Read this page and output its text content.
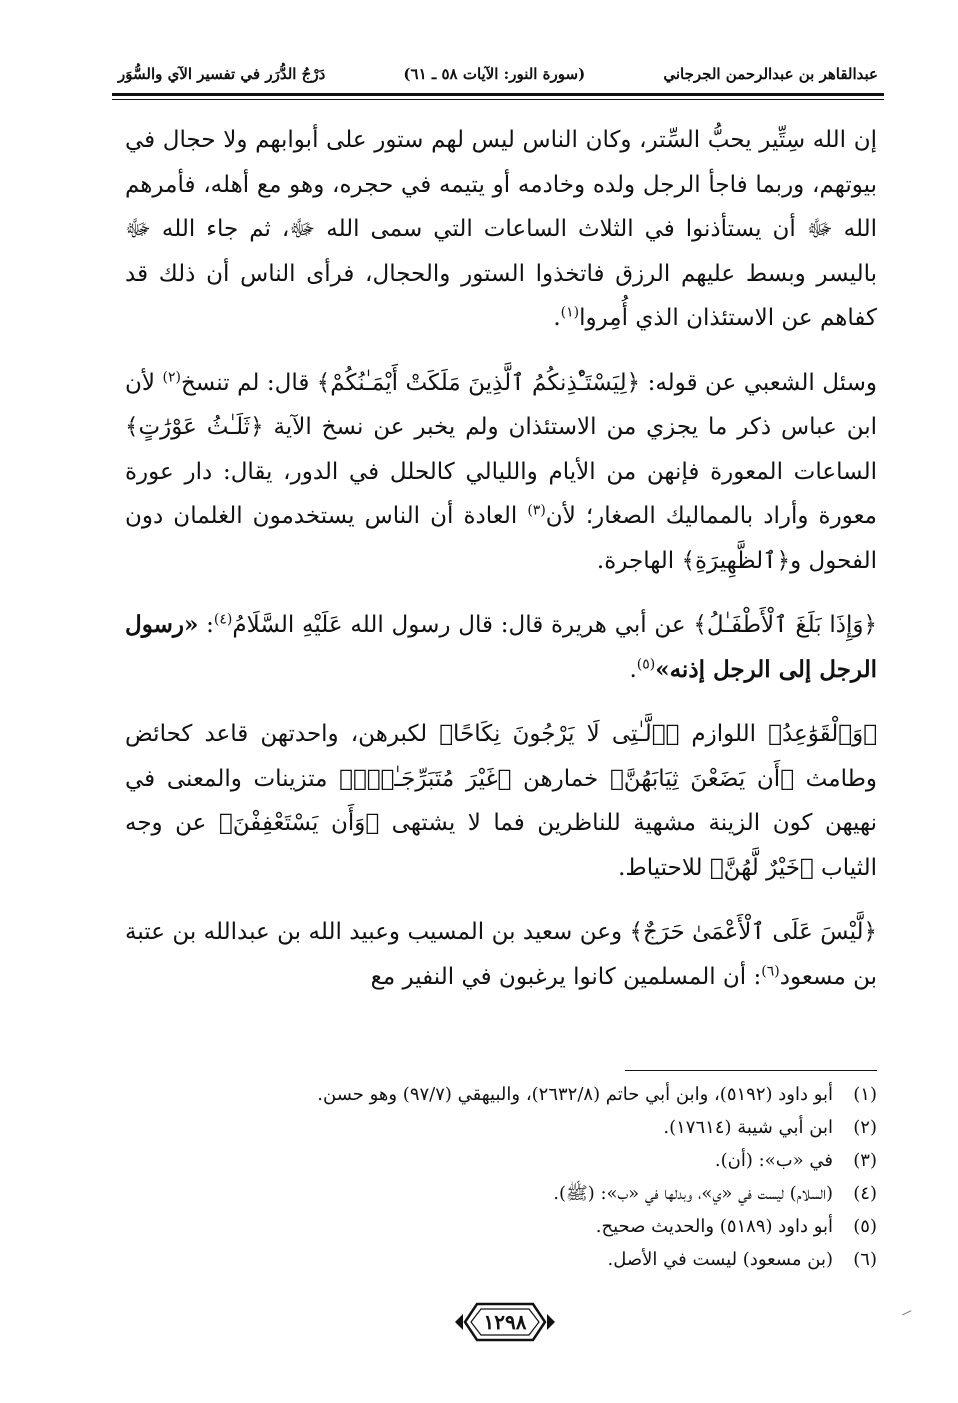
عبدالقاهر بن عبدالرحمن الجرجاني
(سورة النور: الآيات ٥٨ ـ ٦١)
دَرْجُ الدُّرَر في تفسير الآي والسُّوَر

إن الله سِتِّير يحبُّ السِّتر، وكان الناس ليس لهم ستور على أبوابهم ولا حجال في بيوتهم، وربما فاجأ الرجل ولده وخادمه أو يتيمه في حجره، وهو مع أهله، فأمرهم الله ﷻ أن يستأذنوا في الثلاث الساعات التي سمى الله ﷻ، ثم جاء الله ﷻ باليسر وبسط عليهم الرزق فاتخذوا الستور والحجال، فرأى الناس أن ذلك قد كفاهم عن الاستئذان الذي أُمِروا$^{(١)}$.

وسئل الشعبي عن قوله: ﴿لِيَسْتَـْٔذِنكُمُ ٱلَّذِينَ مَلَكَتْ أَيْمَـٰنُكُمْ﴾ قال: لم تنسخ$^{(٢)}$ لأن ابن عباس ذكر ما يجزي من الاستئذان ولم يخبر عن نسخ الآية ﴿ثَلَـٰثُ عَوْرَٰتٍ﴾ الساعات المعورة فإنهن من الأيام والليالي كالحلل في الدور، يقال: دار عورة معورة وأراد بالمماليك الصغار؛ لأن$^{(٣)}$ العادة أن الناس يستخدمون الغلمان دون الفحول و﴿ٱلظَّهِيرَةِ﴾ الهاجرة.

﴿وَإِذَا بَلَغَ ٱلْأَطْفَـٰلُ﴾ عن أبي هريرة قال: قال رسول الله عَلَيْهِ السَّلَامُ$^{(٤)}$: «رسول الرجل إلى الرجل إذنه»$^{(٥)}$.

﴿وَٱلْقَوَٰعِدُ﴾ اللوازم ﴿ٱلَّـٰتِى لَا يَرْجُونَ نِكَاحًا﴾ لكبرهن، واحدتهن قاعد كحائض وطامث ﴿أَن يَضَعْنَ ثِيَابَهُنَّ﴾ خمارهن ﴿غَيْرَ مُتَبَرِّجَـٰتٍۭ﴾ متزينات والمعنى في نهيهن كون الزينة مشهية للناظرين فما لا يشتهى ﴿وَأَن يَسْتَعْفِفْنَ﴾ عن وجه الثياب ﴿خَيْرٌ لَّهُنَّ﴾ للاحتياط.

﴿لَّيْسَ عَلَى ٱلْأَعْمَىٰ حَرَجٌ﴾ وعن سعيد بن المسيب وعبيد الله بن عبدالله بن عتبة بن مسعود$^{(٦)}$: أن المسلمين كانوا يرغبون في النفير مع

(١)
أبو داود (٥١٩٢)، وابن أبي حاتم (٢٦٣٢/٨)، والبيهقي (٩٧/٧) وهو حسن.
(٢)
ابن أبي شيبة (١٧٦١٤).
(٣)
في «ب»: (أن).
(٤)
(السلام) ليست في «ي»، وبدلها في «ب»: (ﷺ).
(٥)
أبو داود (٥١٨٩) والحديث صحيح.
(٦)
(بن مسعود) ليست في الأصل.
١٢٩٨
